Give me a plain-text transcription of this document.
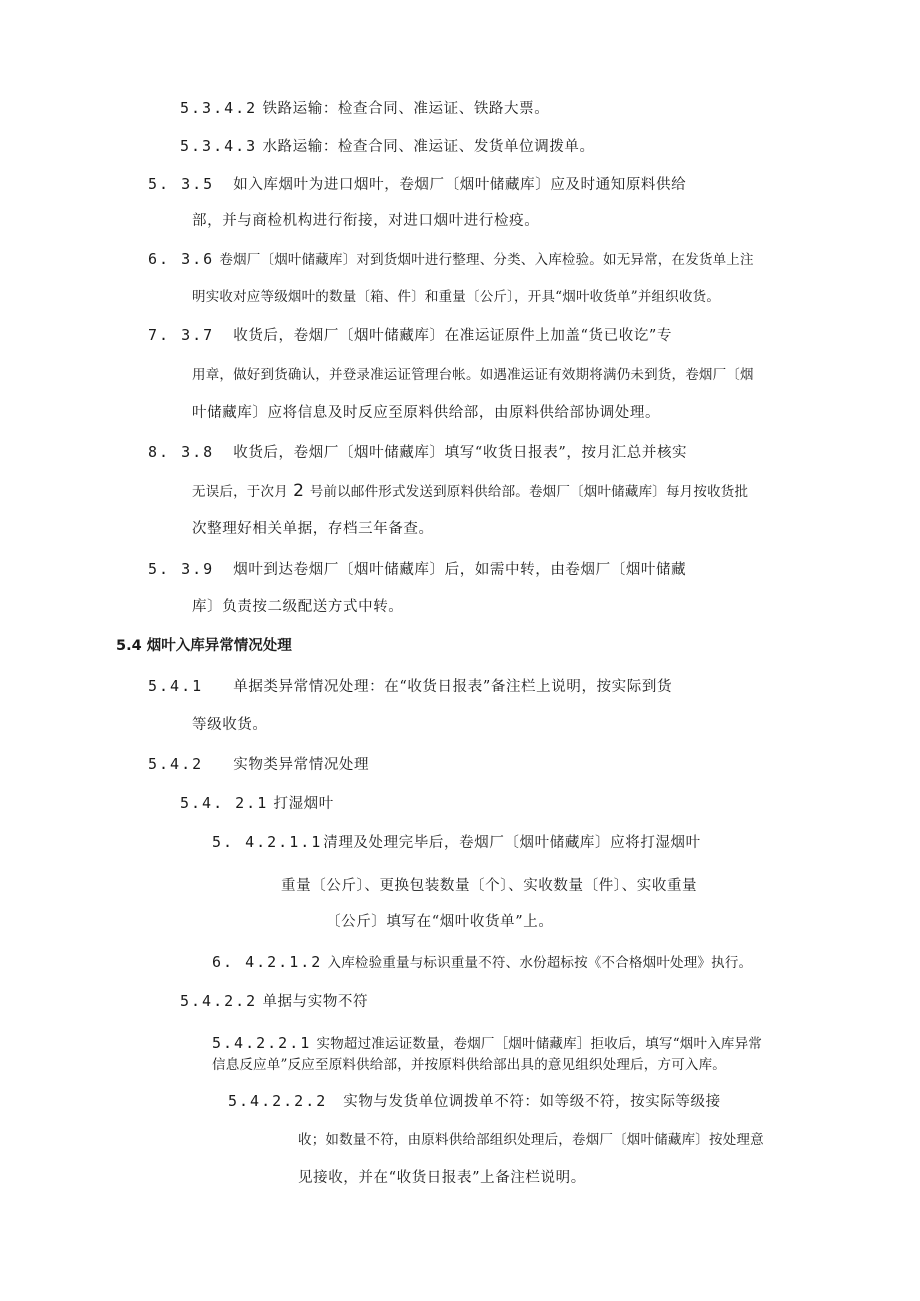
5.3.4.2 铁路运输：检查合同、准运证、铁路大票。
5.3.4.3 水路运输：检查合同、准运证、发货单位调拨单。
5. 3.5 如入库烟叶为进口烟叶，卷烟厂〔烟叶储藏库〕应及时通知原料供给
部，并与商检机构进行衔接，对进口烟叶进行检疫。
6. 3.6 卷烟厂〔烟叶储藏库〕对到货烟叶进行整理、分类、入库检验。如无异常，在发货单上注
明实收对应等级烟叶的数量〔箱、件〕和重量〔公斤〕，开具“烟叶收货单”并组织收货。
7. 3.7 收货后，卷烟厂〔烟叶储藏库〕在准运证原件上加盖“货已收讫”专
用章，做好到货确认，并登录准运证管理台帐。如遇准运证有效期将满仍未到货，卷烟厂〔烟
叶储藏库〕应将信息及时反应至原料供给部，由原料供给部协调处理。
8. 3.8 收货后，卷烟厂〔烟叶储藏库〕填写“收货日报表”，按月汇总并核实
无误后，于次月 2 号前以邮件形式发送到原料供给部。卷烟厂〔烟叶储藏库〕每月按收货批
次整理好相关单据，存档三年备查。
5. 3.9 烟叶到达卷烟厂〔烟叶储藏库〕后，如需中转，由卷烟厂〔烟叶储藏
库〕负责按二级配送方式中转。
5.4 烟叶入库异常情况处理
5.4.1 单据类异常情况处理：在“收货日报表”备注栏上说明，按实际到货
等级收货。
5.4.2 实物类异常情况处理
5.4. 2.1 打湿烟叶
5. 4.2.1.1 清理及处理完毕后，卷烟厂〔烟叶储藏库〕应将打湿烟叶
重量〔公斤〕、更换包装数量〔个〕、实收数量〔件〕、实收重量
〔公斤〕填写在“烟叶收货单”上。
6. 4.2.1.2 入库检验重量与标识重量不符、水份超标按《不合格烟叶处理》执行。
5.4.2.2 单据与实物不符
5.4.2.2.1 实物超过准运证数量，卷烟厂［烟叶储藏库］拒收后，填写“烟叶入库异常
信息反应单”反应至原料供给部，并按原料供给部出具的意见组织处理后，方可入库。
5.4.2.2.2 实物与发货单位调拨单不符：如等级不符，按实际等级接
收；如数量不符，由原料供给部组织处理后，卷烟厂〔烟叶储藏库〕按处理意
见接收，并在“收货日报表”上备注栏说明。
